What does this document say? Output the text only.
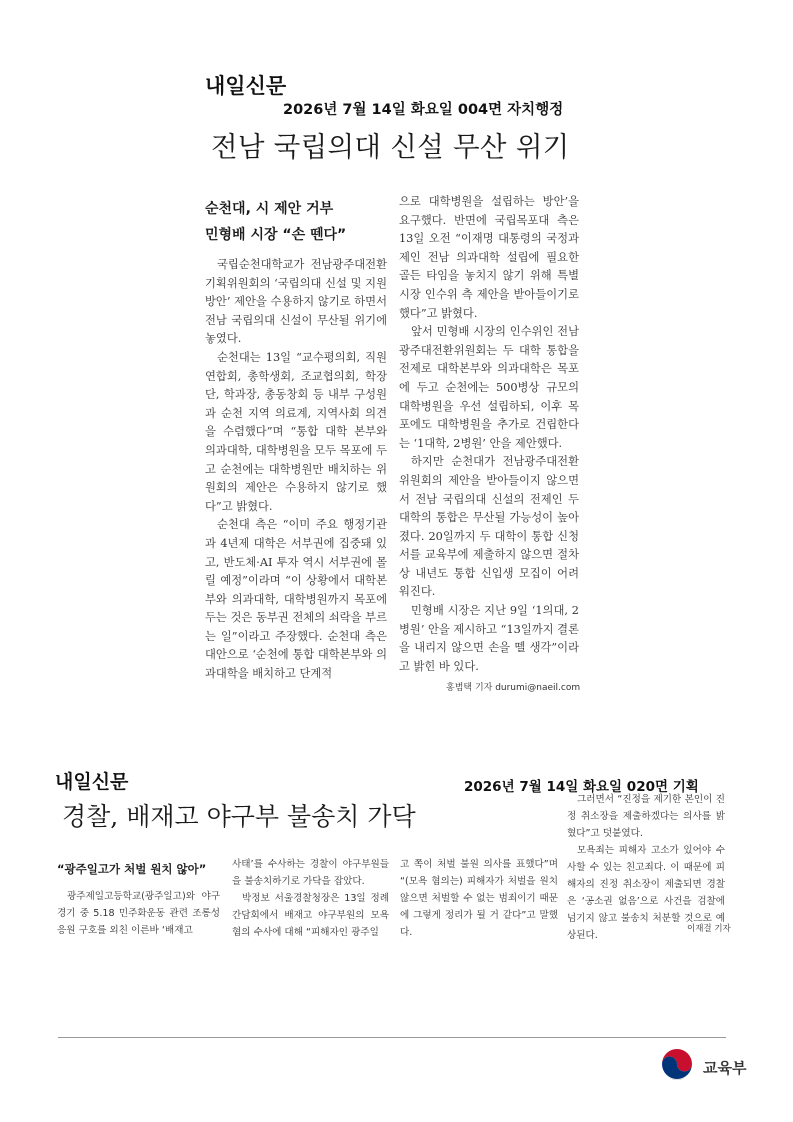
내일신문
2026년 7월 14일 화요일 004면 자치행정
전남 국립의대 신설 무산 위기
순천대, 시 제안 거부
민형배 시장 “손 뗀다”

국립순천대학교가 전남광주대전환기획위원회의 ‘국립의대 신설 및 지원방안’ 제안을 수용하지 않기로 하면서 전남 국립의대 신설이 무산될 위기에 놓였다.

순천대는 13일 “교수평의회, 직원연합회, 총학생회, 조교협의회, 학장단, 학과장, 총동창회 등 내부 구성원과 순천 지역 의료계, 지역사회 의견을 수렴했다”며 “통합 대학 본부와 의과대학, 대학병원을 모두 목포에 두고 순천에는 대학병원만 배치하는 위원회의 제안은 수용하지 않기로 했다”고 밝혔다.

순천대 측은 “이미 주요 행정기관과 4년제 대학은 서부권에 집중돼 있고, 반도체·AI 투자 역시 서부권에 몰릴 예정”이라며 “이 상황에서 대학본부와 의과대학, 대학병원까지 목포에 두는 것은 동부권 전체의 쇠락을 부르는 일”이라고 주장했다. 순천대 측은 대안으로 ‘순천에 통합 대학본부와 의과대학을 배치하고 단계적

으로 대학병원을 설립하는 방안’을 요구했다. 반면에 국립목포대 측은 13일 오전 “이재명 대통령의 국정과제인 전남 의과대학 설립에 필요한 골든 타임을 놓치지 않기 위해 특별시장 인수위 측 제안을 받아들이기로 했다”고 밝혔다.

앞서 민형배 시장의 인수위인 전남광주대전환위원회는 두 대학 통합을 전제로 대학본부와 의과대학은 목포에 두고 순천에는 500병상 규모의 대학병원을 우선 설립하되, 이후 목포에도 대학병원을 추가로 건립한다는 ‘1대학, 2병원’ 안을 제안했다.

하지만 순천대가 전남광주대전환위원회의 제안을 받아들이지 않으면서 전남 국립의대 신설의 전제인 두 대학의 통합은 무산될 가능성이 높아졌다. 20일까지 두 대학이 통합 신청서를 교육부에 제출하지 않으면 절차상 내년도 통합 신입생 모집이 어려워진다.

민형배 시장은 지난 9일 ‘1의대, 2병원’ 안을 제시하고 “13일까지 결론을 내리지 않으면 손을 뗄 생각”이라고 밝힌 바 있다.

홍범택 기자 durumi@naeil.com
내일신문	2026년 7월 14일 화요일 020면 기획
경찰, 배재고 야구부 불송치 가닥
“광주일고가 처벌 원치 않아”

광주제일고등학교(광주일고)와 야구경기 중 5.18 민주화운동 관련 조롱성 응원 구호를 외친 이른바 ‘배재고

사태’를 수사하는 경찰이 야구부원들을 불송치하기로 가닥을 잡았다.

박정보 서울경찰청장은 13일 정례간담회에서 배재고 야구부원의 모욕혐의 수사에 대해 “피해자인 광주일

고 쪽이 처벌 불원 의사를 표했다”며 “(모욕 혐의는) 피해자가 처벌을 원치 않으면 처벌할 수 없는 범죄이기 때문에 그렇게 정리가 될 거 같다”고 말했다.

그러면서 “진정을 제기한 본인이 진정 취소장을 제출하겠다는 의사를 밝혔다”고 덧붙였다.

모욕죄는 피해자 고소가 있어야 수사할 수 있는 친고죄다. 이 때문에 피해자의 진정 취소장이 제출되면 경찰은 ‘공소권 없음’으로 사건을 검찰에 넘기지 않고 불송치 처분할 것으로 예상된다.

이재걸 기자
교육부
